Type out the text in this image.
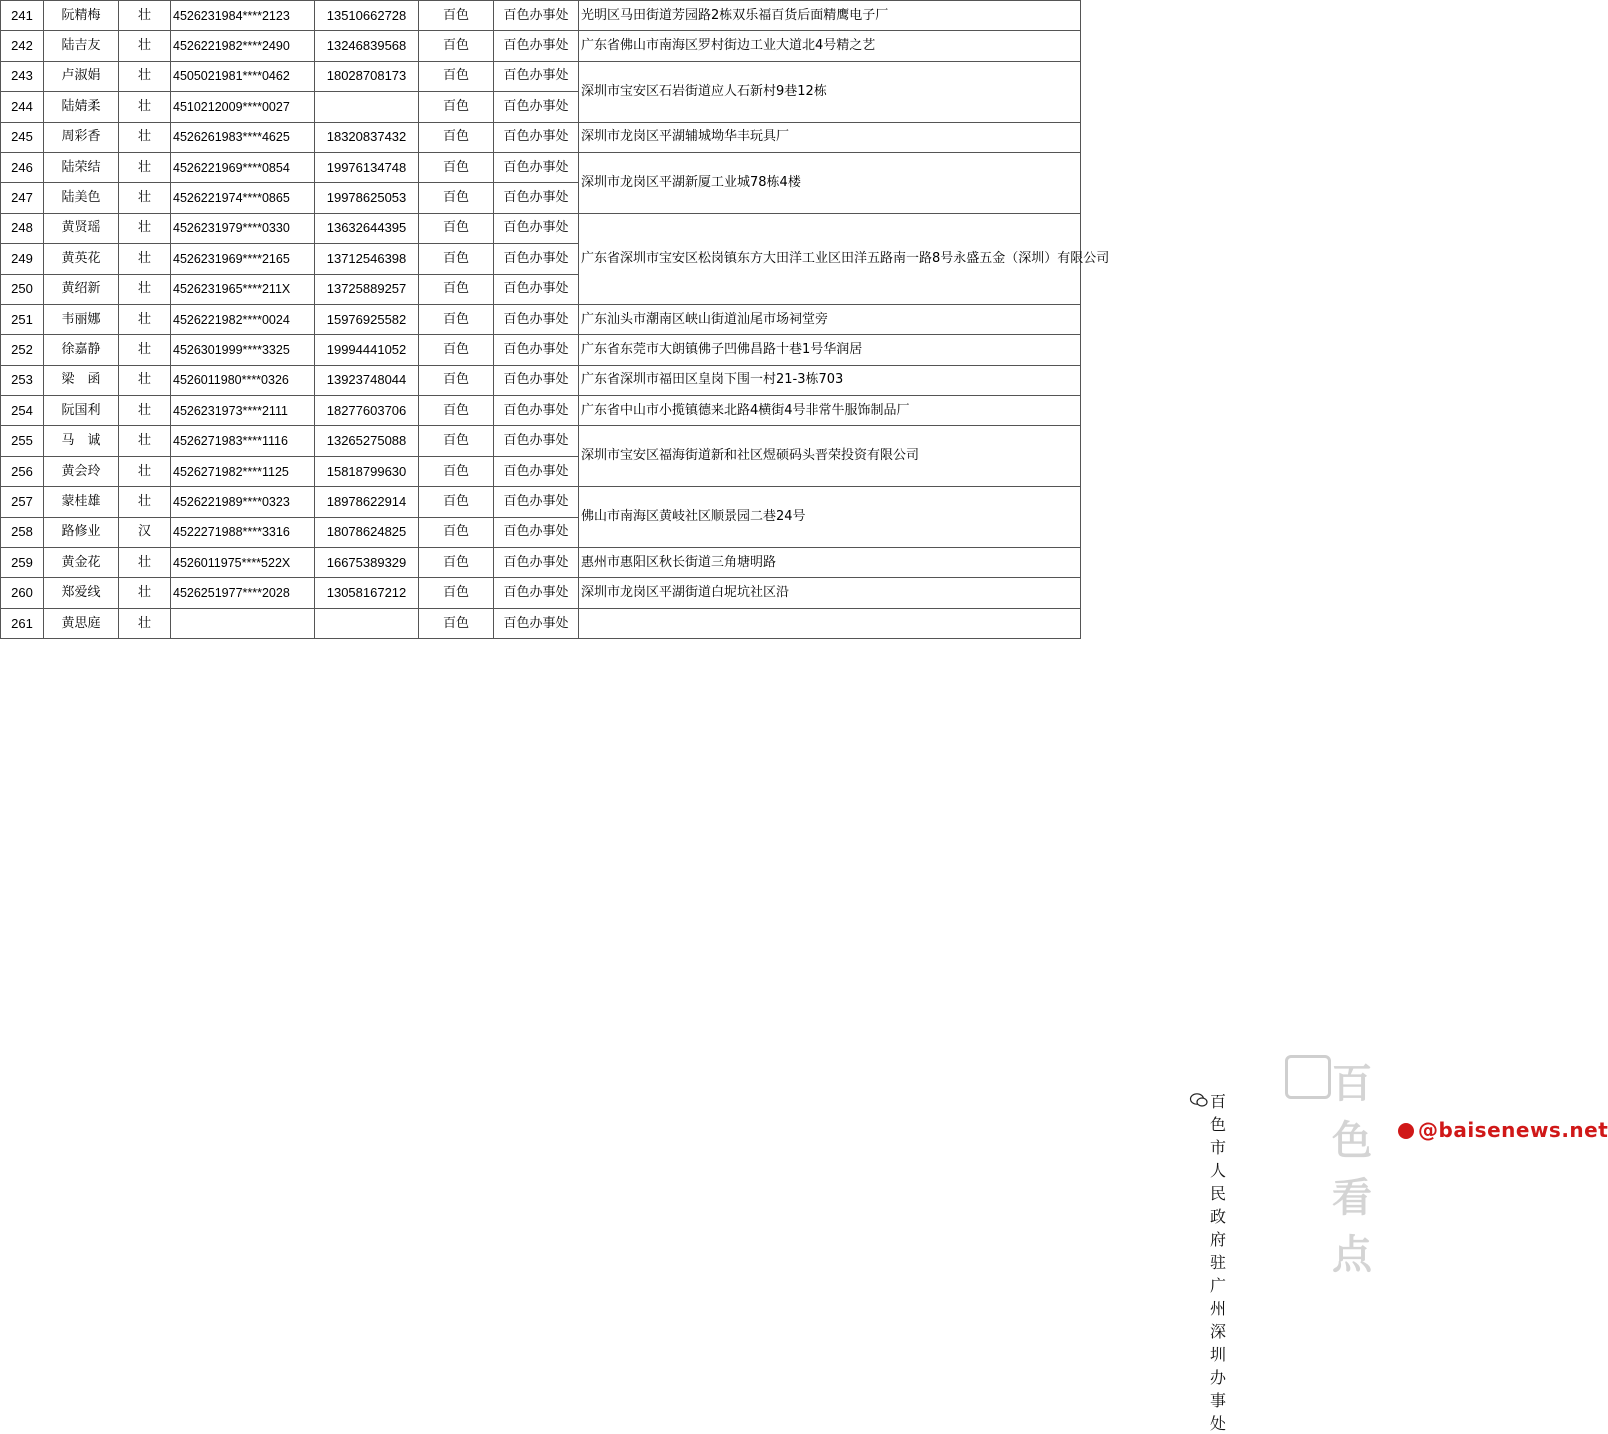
241	阮精梅	壮	4526231984****2123	13510662728	百色	百色办事处	光明区马田街道芳园路2栋双乐福百货后面精鹰电子厂
242	陆吉友	壮	4526221982****2490	13246839568	百色	百色办事处	广东省佛山市南海区罗村街边工业大道北4号精之艺
243	卢淑娟	壮	4505021981****0462	18028708173	百色	百色办事处	深圳市宝安区石岩街道应人石新村9巷12栋
244	陆婧柔	壮	4510212009****0027		百色	百色办事处	
245	周彩香	壮	4526261983****4625	18320837432	百色	百色办事处	深圳市龙岗区平湖辅城坳华丰玩具厂
246	陆荣结	壮	4526221969****0854	19976134748	百色	百色办事处	深圳市龙岗区平湖新厦工业城78栋4楼
247	陆美色	壮	4526221974****0865	19978625053	百色	百色办事处	
248	黄贤瑶	壮	4526231979****0330	13632644395	百色	百色办事处	广东省深圳市宝安区松岗镇东方大田洋工业区田洋五路南一路8号永盛五金（深圳）有限公司
249	黄英花	壮	4526231969****2165	13712546398	百色	百色办事处	
250	黄绍新	壮	4526231965****211X	13725889257	百色	百色办事处	
251	韦丽娜	壮	4526221982****0024	15976925582	百色	百色办事处	广东汕头市潮南区峡山街道汕尾市场祠堂旁
252	徐嘉静	壮	4526301999****3325	19994441052	百色	百色办事处	广东省东莞市大朗镇佛子凹佛昌路十巷1号华润居
253	梁　函	壮	4526011980****0326	13923748044	百色	百色办事处	广东省深圳市福田区皇岗下围一村21-3栋703
254	阮国利	壮	4526231973****2111	18277603706	百色	百色办事处	广东省中山市小揽镇德来北路4横街4号非常牛服饰制品厂
255	马　诚	壮	4526271983****1116	13265275088	百色	百色办事处	深圳市宝安区福海街道新和社区煜硕码头晋荣投资有限公司
256	黄会玲	壮	4526271982****1125	15818799630	百色	百色办事处	
257	蒙桂雄	壮	4526221989****0323	18978622914	百色	百色办事处	佛山市南海区黄岐社区顺景园二巷24号
258	路修业	汉	4522271988****3316	18078624825	百色	百色办事处	
259	黄金花	壮	4526011975****522X	16675389329	百色	百色办事处	惠州市惠阳区秋长街道三角塘明路
260	郑爱线	壮	4526251977****2028	13058167212	百色	百色办事处	深圳市龙岗区平湖街道白坭坑社区沿
261	黄思庭	壮			百色	百色办事处	
百色看点
百色市人民政府驻广州深圳办事处
@baisenews.net
